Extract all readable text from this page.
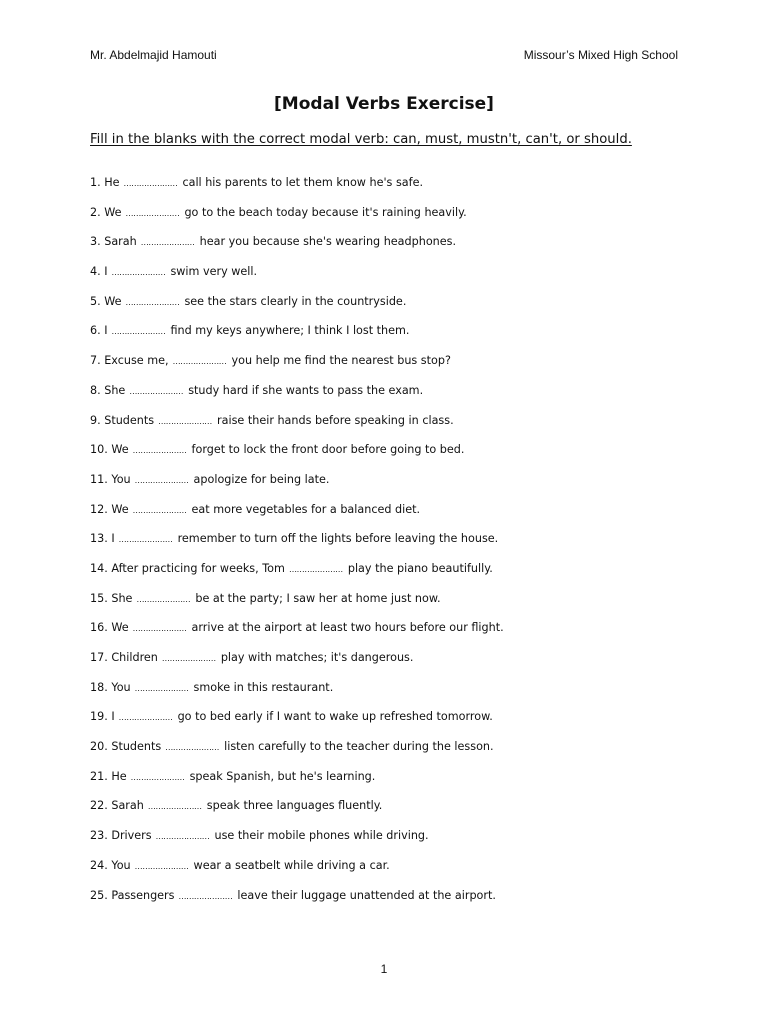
Mr. Abdelmajid Hamouti	Missour’s Mixed High School
[Modal Verbs Exercise]
Fill in the blanks with the correct modal verb: can, must, mustn't, can't, or should.
1. He ………………… call his parents to let them know he's safe.
2. We ………………… go to the beach today because it's raining heavily.
3. Sarah ………………… hear you because she's wearing headphones.
4. I ………………… swim very well.
5. We ………………… see the stars clearly in the countryside.
6. I ………………… find my keys anywhere; I think I lost them.
7. Excuse me, ………………… you help me find the nearest bus stop?
8. She ………………… study hard if she wants to pass the exam.
9. Students ………………… raise their hands before speaking in class.
10. We ………………… forget to lock the front door before going to bed.
11. You ………………… apologize for being late.
12. We ………………… eat more vegetables for a balanced diet.
13. I ………………… remember to turn off the lights before leaving the house.
14. After practicing for weeks, Tom ………………… play the piano beautifully.
15. She ………………… be at the party; I saw her at home just now.
16. We ………………… arrive at the airport at least two hours before our flight.
17. Children ………………… play with matches; it's dangerous.
18. You ………………… smoke in this restaurant.
19. I ………………… go to bed early if I want to wake up refreshed tomorrow.
20. Students ………………… listen carefully to the teacher during the lesson.
21. He ………………… speak Spanish, but he's learning.
22. Sarah ………………… speak three languages fluently.
23. Drivers ………………… use their mobile phones while driving.
24. You ………………… wear a seatbelt while driving a car.
25. Passengers ………………… leave their luggage unattended at the airport.
1
